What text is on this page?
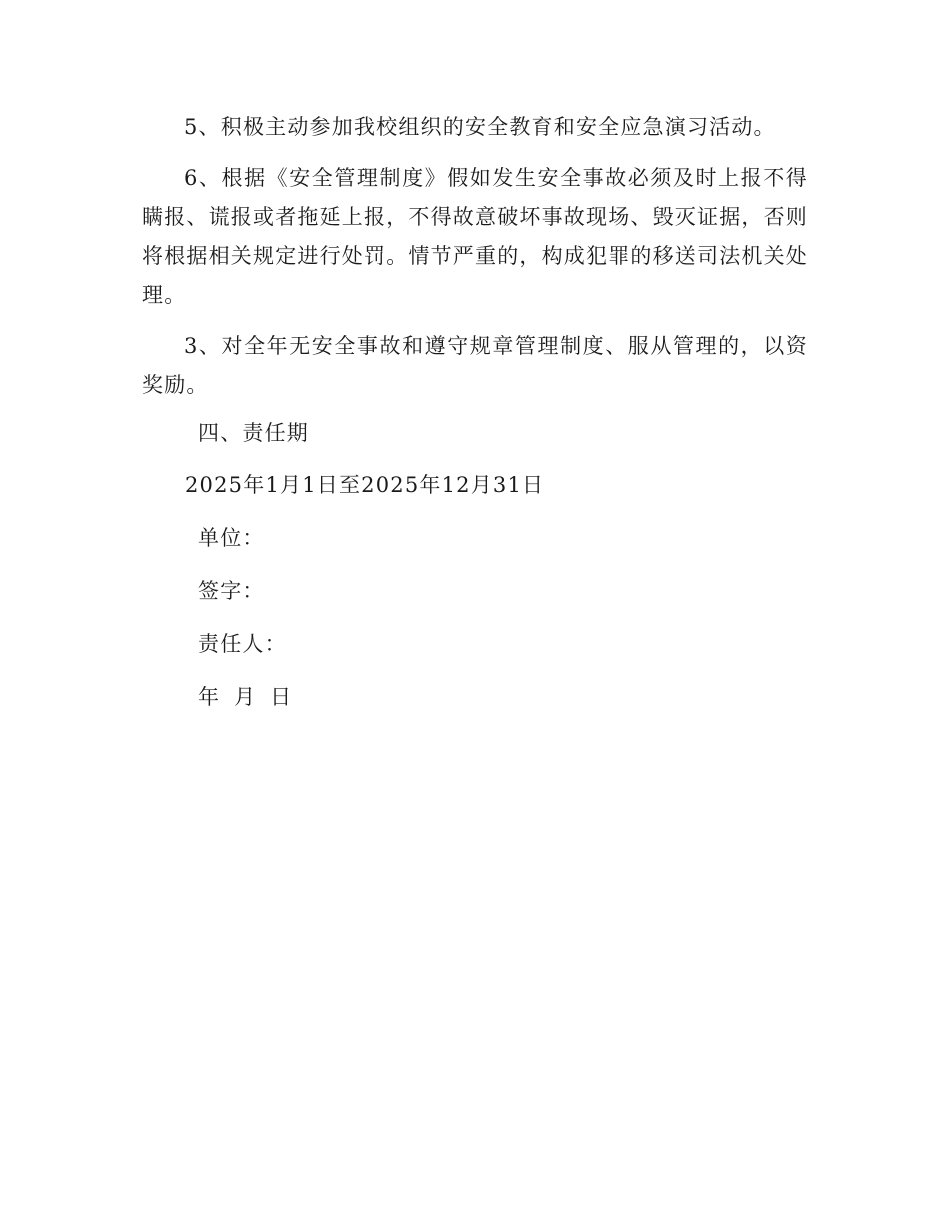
5、积极主动参加我校组织的安全教育和安全应急演习活动。

6、根据《安全管理制度》假如发生安全事故必须及时上报不得瞒报、谎报或者拖延上报，不得故意破坏事故现场、毁灭证据，否则将根据相关规定进行处罚。情节严重的，构成犯罪的移送司法机关处理。

3、对全年无安全事故和遵守规章管理制度、服从管理的，以资奖励。

四、责任期

2025年1月1日至2025年12月31日

单位：

签字：

责任人：

年 月 日
